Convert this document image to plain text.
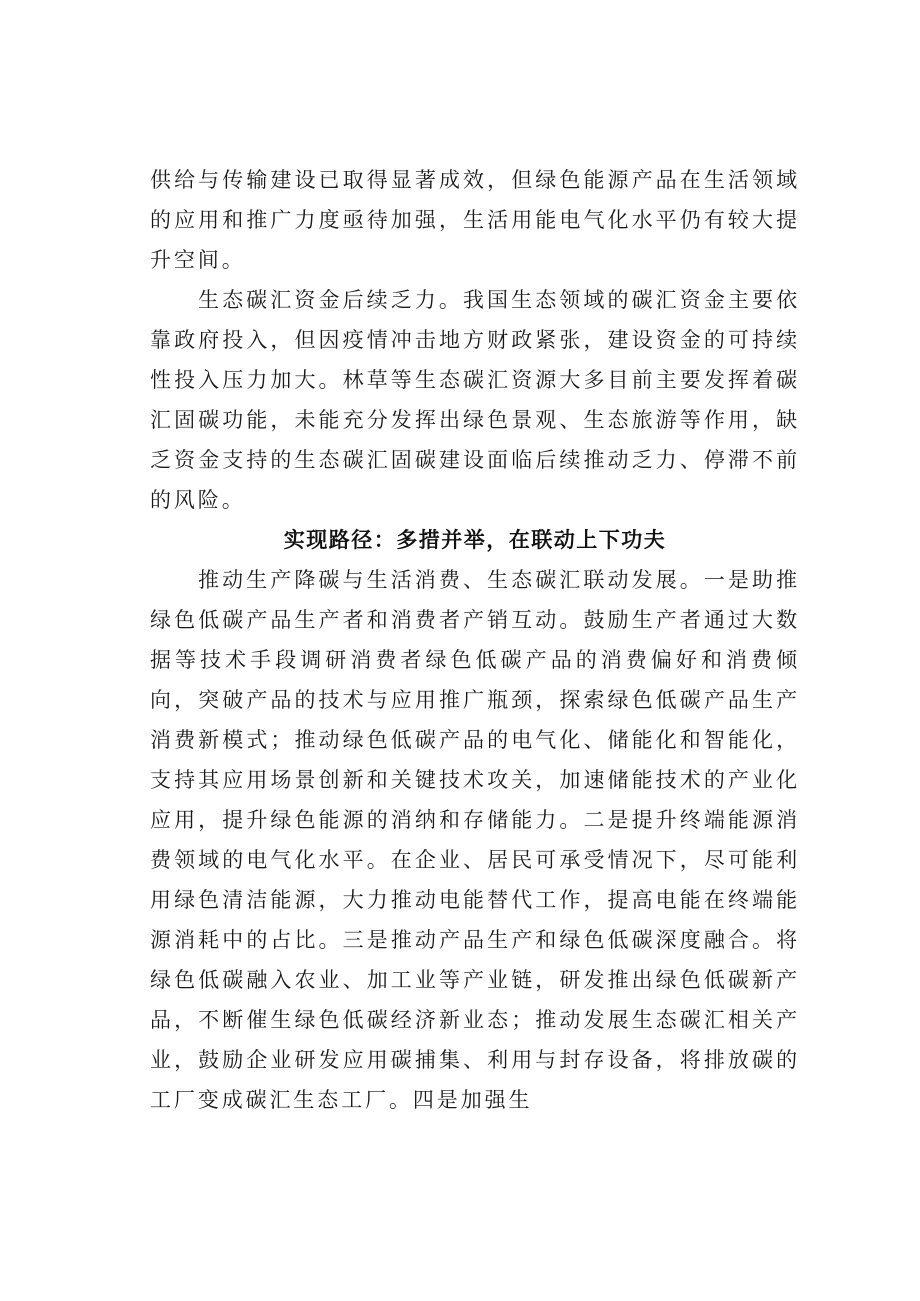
供给与传输建设已取得显著成效，但绿色能源产品在生活领域的应用和推广力度亟待加强，生活用能电气化水平仍有较大提升空间。

生态碳汇资金后续乏力。我国生态领域的碳汇资金主要依靠政府投入，但因疫情冲击地方财政紧张，建设资金的可持续性投入压力加大。林草等生态碳汇资源大多目前主要发挥着碳汇固碳功能，未能充分发挥出绿色景观、生态旅游等作用，缺乏资金支持的生态碳汇固碳建设面临后续推动乏力、停滞不前的风险。

实现路径：多措并举，在联动上下功夫

推动生产降碳与生活消费、生态碳汇联动发展。一是助推绿色低碳产品生产者和消费者产销互动。鼓励生产者通过大数据等技术手段调研消费者绿色低碳产品的消费偏好和消费倾向，突破产品的技术与应用推广瓶颈，探索绿色低碳产品生产消费新模式；推动绿色低碳产品的电气化、储能化和智能化，支持其应用场景创新和关键技术攻关，加速储能技术的产业化应用，提升绿色能源的消纳和存储能力。二是提升终端能源消费领域的电气化水平。在企业、居民可承受情况下，尽可能利用绿色清洁能源，大力推动电能替代工作，提高电能在终端能源消耗中的占比。三是推动产品生产和绿色低碳深度融合。将绿色低碳融入农业、加工业等产业链，研发推出绿色低碳新产品，不断催生绿色低碳经济新业态；推动发展生态碳汇相关产业，鼓励企业研发应用碳捕集、利用与封存设备，将排放碳的工厂变成碳汇生态工厂。四是加强生
